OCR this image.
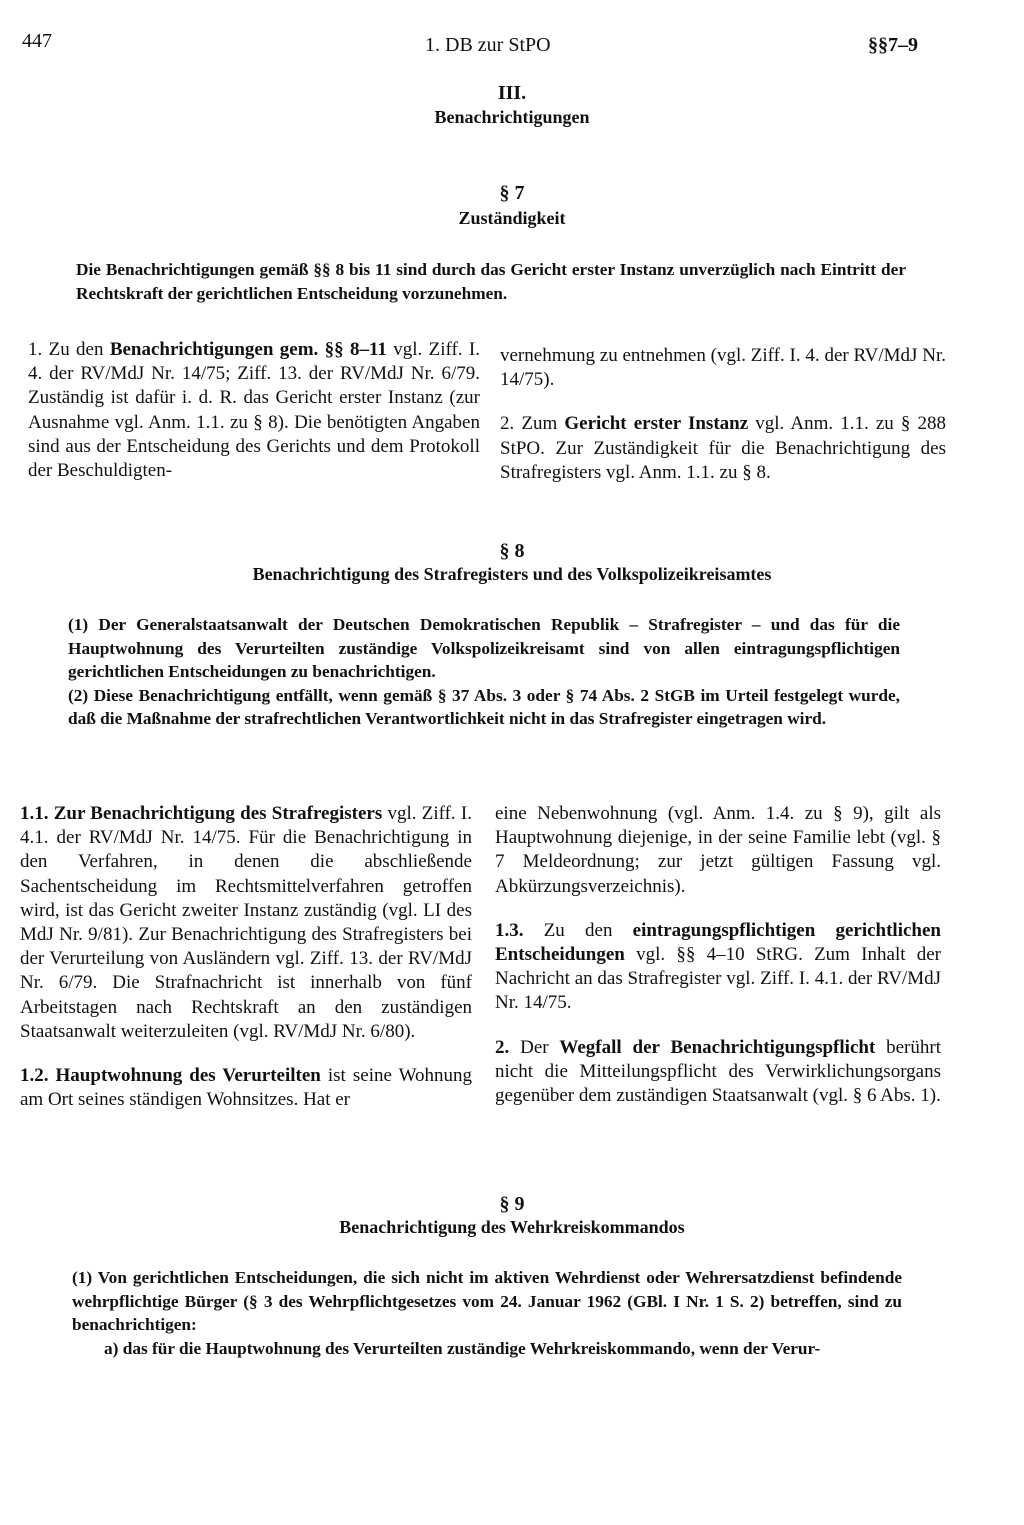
447	1. DB zur StPO	§§7–9
III.
Benachrichtigungen
§ 7
Zuständigkeit
Die Benachrichtigungen gemäß §§ 8 bis 11 sind durch das Gericht erster Instanz unverzüglich nach Eintritt der Rechtskraft der gerichtlichen Entscheidung vorzunehmen.

1. Zu den Benachrichtigungen gem. §§ 8–11 vgl. Ziff. I. 4. der RV/MdJ Nr. 14/75; Ziff. 13. der RV/MdJ Nr. 6/79. Zuständig ist dafür i. d. R. das Gericht erster Instanz (zur Ausnahme vgl. Anm. 1.1. zu § 8). Die benötigten Angaben sind aus der Entscheidung des Gerichts und dem Protokoll der Beschuldigten-

vernehmung zu entnehmen (vgl. Ziff. I. 4. der RV/MdJ Nr. 14/75).

2. Zum Gericht erster Instanz vgl. Anm. 1.1. zu § 288 StPO. Zur Zuständigkeit für die Benachrichtigung des Strafregisters vgl. Anm. 1.1. zu § 8.

§ 8
Benachrichtigung des Strafregisters und des Volkspolizeikreisamtes
(1) Der Generalstaatsanwalt der Deutschen Demokratischen Republik – Strafregister – und das für die Hauptwohnung des Verurteilten zuständige Volkspolizeikreisamt sind von allen eintragungspflichtigen gerichtlichen Entscheidungen zu benachrichtigen.
(2) Diese Benachrichtigung entfällt, wenn gemäß § 37 Abs. 3 oder § 74 Abs. 2 StGB im Urteil festgelegt wurde, daß die Maßnahme der strafrechtlichen Verantwortlichkeit nicht in das Strafregister eingetragen wird.

1.1. Zur Benachrichtigung des Strafregisters vgl. Ziff. I. 4.1. der RV/MdJ Nr. 14/75. Für die Benachrichtigung in den Verfahren, in denen die abschließende Sachentscheidung im Rechtsmittelverfahren getroffen wird, ist das Gericht zweiter Instanz zuständig (vgl. LI des MdJ Nr. 9/81). Zur Benachrichtigung des Strafregisters bei der Verurteilung von Ausländern vgl. Ziff. 13. der RV/MdJ Nr. 6/79. Die Strafnachricht ist innerhalb von fünf Arbeitstagen nach Rechtskraft an den zuständigen Staatsanwalt weiterzuleiten (vgl. RV/MdJ Nr. 6/80).

1.2. Hauptwohnung des Verurteilten ist seine Wohnung am Ort seines ständigen Wohnsitzes. Hat er

eine Nebenwohnung (vgl. Anm. 1.4. zu § 9), gilt als Hauptwohnung diejenige, in der seine Familie lebt (vgl. § 7 Meldeordnung; zur jetzt gültigen Fassung vgl. Abkürzungsverzeichnis).

1.3. Zu den eintragungspflichtigen gerichtlichen Entscheidungen vgl. §§ 4–10 StRG. Zum Inhalt der Nachricht an das Strafregister vgl. Ziff. I. 4.1. der RV/MdJ Nr. 14/75.

2. Der Wegfall der Benachrichtigungspflicht berührt nicht die Mitteilungspflicht des Verwirklichungsorgans gegenüber dem zuständigen Staatsanwalt (vgl. § 6 Abs. 1).

§ 9
Benachrichtigung des Wehrkreiskommandos
(1) Von gerichtlichen Entscheidungen, die sich nicht im aktiven Wehrdienst oder Wehrersatzdienst befindende wehrpflichtige Bürger (§ 3 des Wehrpflichtgesetzes vom 24. Januar 1962 (GBl. I Nr. 1 S. 2) betreffen, sind zu benachrichtigen:
a) das für die Hauptwohnung des Verurteilten zuständige Wehrkreiskommando, wenn der Verur-
